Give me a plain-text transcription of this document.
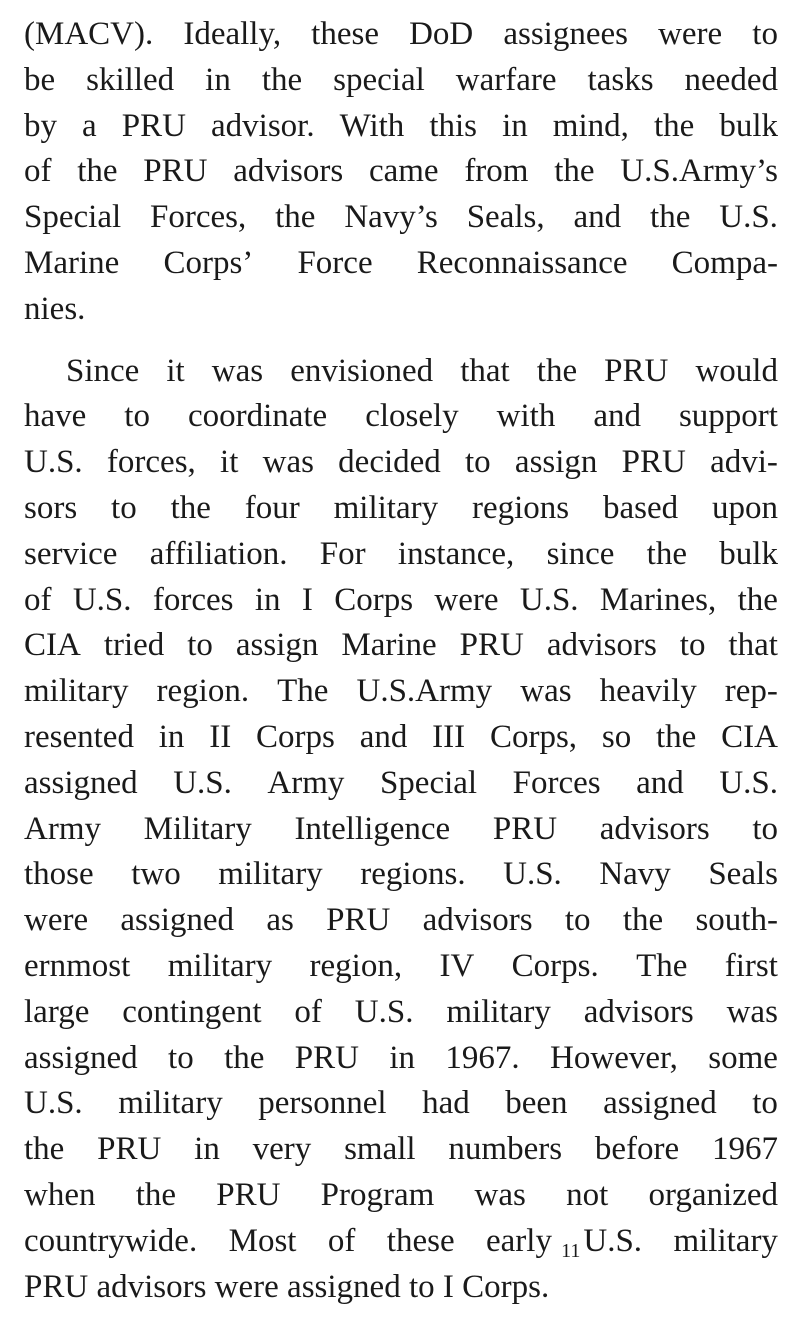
(MACV). Ideally, these DoD assignees were to
be skilled in the special warfare tasks needed
by a PRU advisor. With this in mind, the bulk
of the PRU advisors came from the U.S.Army’s
Special Forces, the Navy’s Seals, and the U.S.
Marine Corps’ Force Reconnaissance Compa-
nies.
Since it was envisioned that the PRU would
have to coordinate closely with and support
U.S. forces, it was decided to assign PRU advi-
sors to the four military regions based upon
service affiliation. For instance, since the bulk
of U.S. forces in I Corps were U.S. Marines, the
CIA tried to assign Marine PRU advisors to that
military region. The U.S.Army was heavily rep-
resented in II Corps and III Corps, so the CIA
assigned U.S. Army Special Forces and U.S.
Army Military Intelligence PRU advisors to
those two military regions. U.S. Navy Seals
were assigned as PRU advisors to the south-
ernmost military region, IV Corps. The first
large contingent of U.S. military advisors was
assigned to the PRU in 1967. However, some
U.S. military personnel had been assigned to
the PRU in very small numbers before 1967
when the PRU Program was not organized
countrywide. Most of these early U.S. military
PRU advisors were assigned to I Corps.
$^{11}$
